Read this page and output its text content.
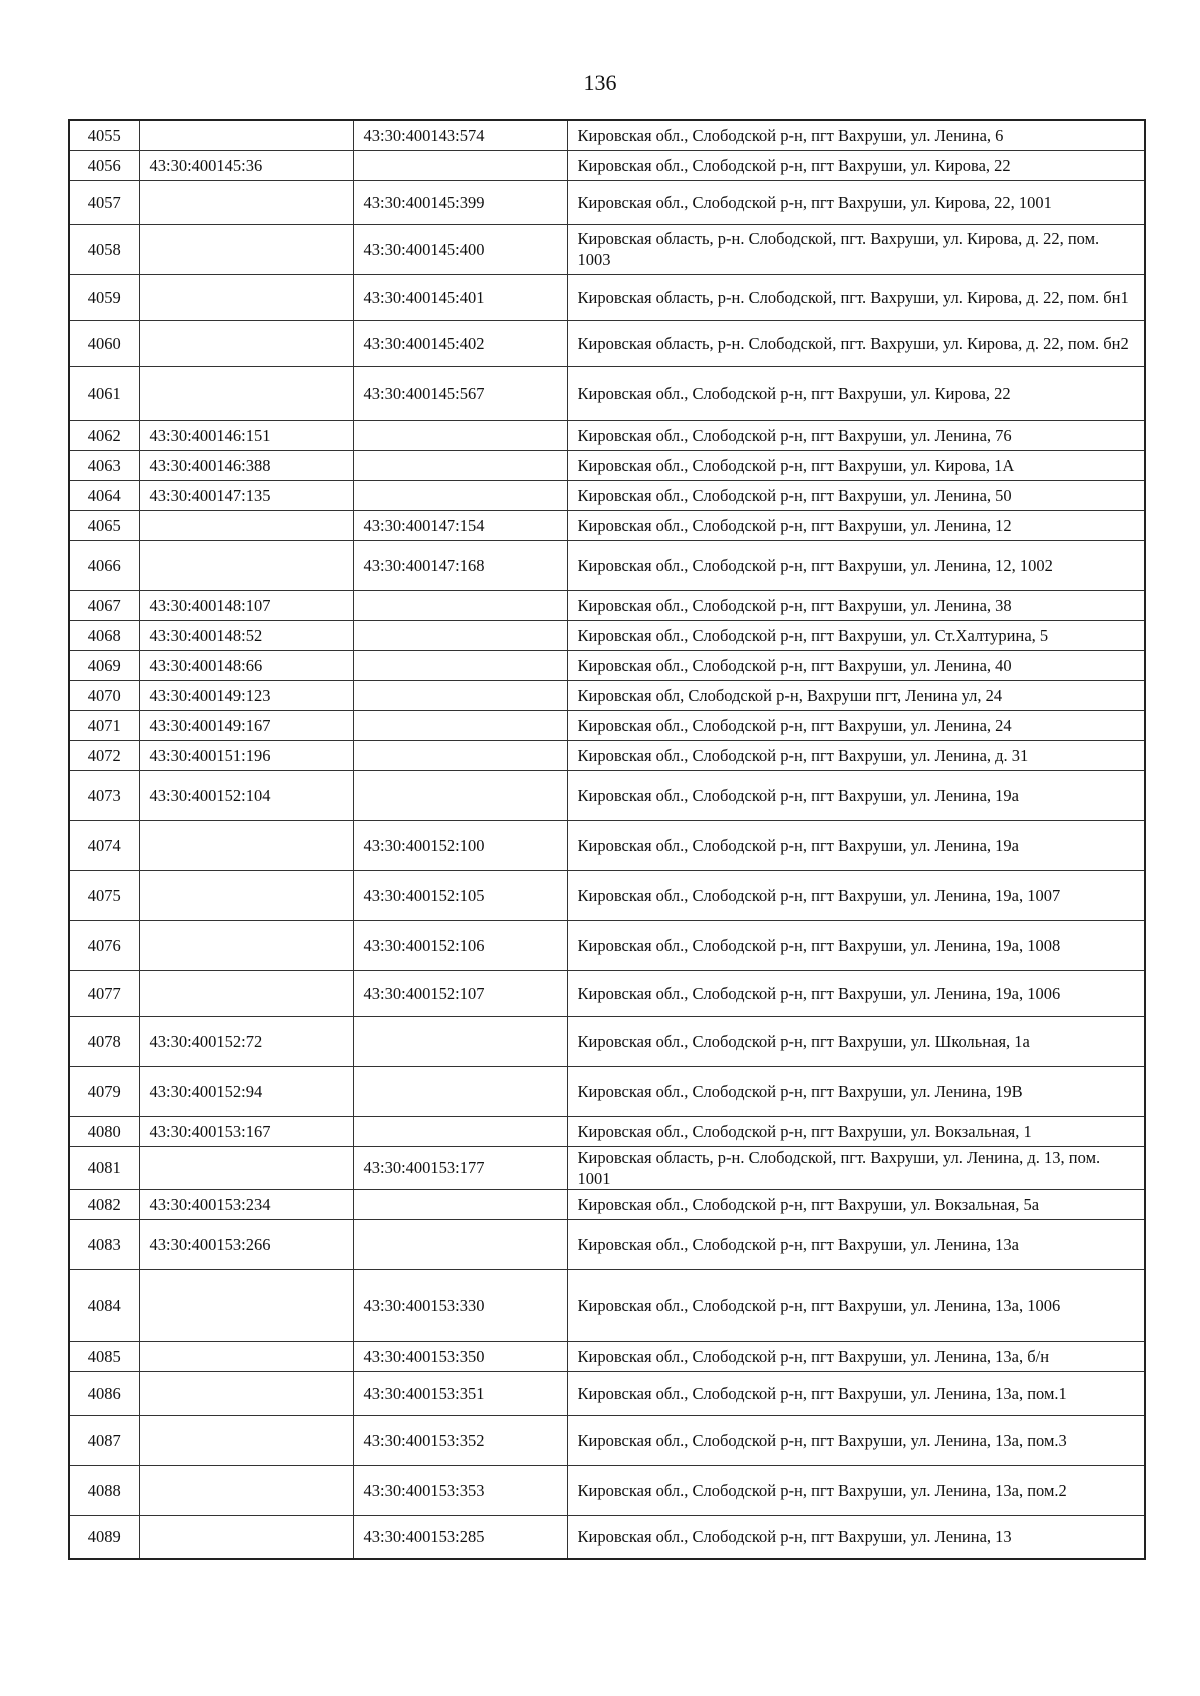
136
4055		43:30:400143:574	Кировская обл., Слободской р-н, пгт Вахруши, ул. Ленина, 6
4056	43:30:400145:36		Кировская обл., Слободской р-н, пгт Вахруши, ул. Кирова, 22
4057		43:30:400145:399	Кировская обл., Слободской р-н, пгт Вахруши, ул. Кирова, 22, 1001
4058		43:30:400145:400	Кировская область, р-н. Слободской, пгт. Вахруши, ул. Кирова, д. 22, пом. 1003
4059		43:30:400145:401	Кировская область, р-н. Слободской, пгт. Вахруши, ул. Кирова, д. 22, пом. бн1
4060		43:30:400145:402	Кировская область, р-н. Слободской, пгт. Вахруши, ул. Кирова, д. 22, пом. бн2
4061		43:30:400145:567	Кировская обл., Слободской р-н, пгт Вахруши, ул. Кирова, 22
4062	43:30:400146:151		Кировская обл., Слободской р-н, пгт Вахруши, ул. Ленина, 76
4063	43:30:400146:388		Кировская обл., Слободской р-н, пгт Вахруши, ул. Кирова, 1А
4064	43:30:400147:135		Кировская обл., Слободской р-н, пгт Вахруши, ул. Ленина, 50
4065		43:30:400147:154	Кировская обл., Слободской р-н, пгт Вахруши, ул. Ленина, 12
4066		43:30:400147:168	Кировская обл., Слободской р-н, пгт Вахруши, ул. Ленина, 12, 1002
4067	43:30:400148:107		Кировская обл., Слободской р-н, пгт Вахруши, ул. Ленина, 38
4068	43:30:400148:52		Кировская обл., Слободской р-н, пгт Вахруши, ул. Ст.Халтурина, 5
4069	43:30:400148:66		Кировская обл., Слободской р-н, пгт Вахруши, ул. Ленина, 40
4070	43:30:400149:123		Кировская обл, Слободской р-н, Вахруши пгт, Ленина ул, 24
4071	43:30:400149:167		Кировская обл., Слободской р-н, пгт Вахруши, ул. Ленина, 24
4072	43:30:400151:196		Кировская обл., Слободской р-н, пгт Вахруши, ул. Ленина, д. 31
4073	43:30:400152:104		Кировская обл., Слободской р-н, пгт Вахруши, ул. Ленина, 19а
4074		43:30:400152:100	Кировская обл., Слободской р-н, пгт Вахруши, ул. Ленина, 19а
4075		43:30:400152:105	Кировская обл., Слободской р-н, пгт Вахруши, ул. Ленина, 19а, 1007
4076		43:30:400152:106	Кировская обл., Слободской р-н, пгт Вахруши, ул. Ленина, 19а, 1008
4077		43:30:400152:107	Кировская обл., Слободской р-н, пгт Вахруши, ул. Ленина, 19а, 1006
4078	43:30:400152:72		Кировская обл., Слободской р-н, пгт Вахруши, ул. Школьная, 1а
4079	43:30:400152:94		Кировская обл., Слободской р-н, пгт Вахруши, ул. Ленина, 19В
4080	43:30:400153:167		Кировская обл., Слободской р-н, пгт Вахруши, ул. Вокзальная, 1
4081		43:30:400153:177	Кировская область, р-н. Слободской, пгт. Вахруши, ул. Ленина, д. 13, пом. 1001
4082	43:30:400153:234		Кировская обл., Слободской р-н, пгт Вахруши, ул. Вокзальная, 5а
4083	43:30:400153:266		Кировская обл., Слободской р-н, пгт Вахруши, ул. Ленина, 13а
4084		43:30:400153:330	Кировская обл., Слободской р-н, пгт Вахруши, ул. Ленина, 13а, 1006
4085		43:30:400153:350	Кировская обл., Слободской р-н, пгт Вахруши, ул. Ленина, 13а, б/н
4086		43:30:400153:351	Кировская обл., Слободской р-н, пгт Вахруши, ул. Ленина, 13а, пом.1
4087		43:30:400153:352	Кировская обл., Слободской р-н, пгт Вахруши, ул. Ленина, 13а, пом.3
4088		43:30:400153:353	Кировская обл., Слободской р-н, пгт Вахруши, ул. Ленина, 13а, пом.2
4089		43:30:400153:285	Кировская обл., Слободской р-н, пгт Вахруши, ул. Ленина, 13
